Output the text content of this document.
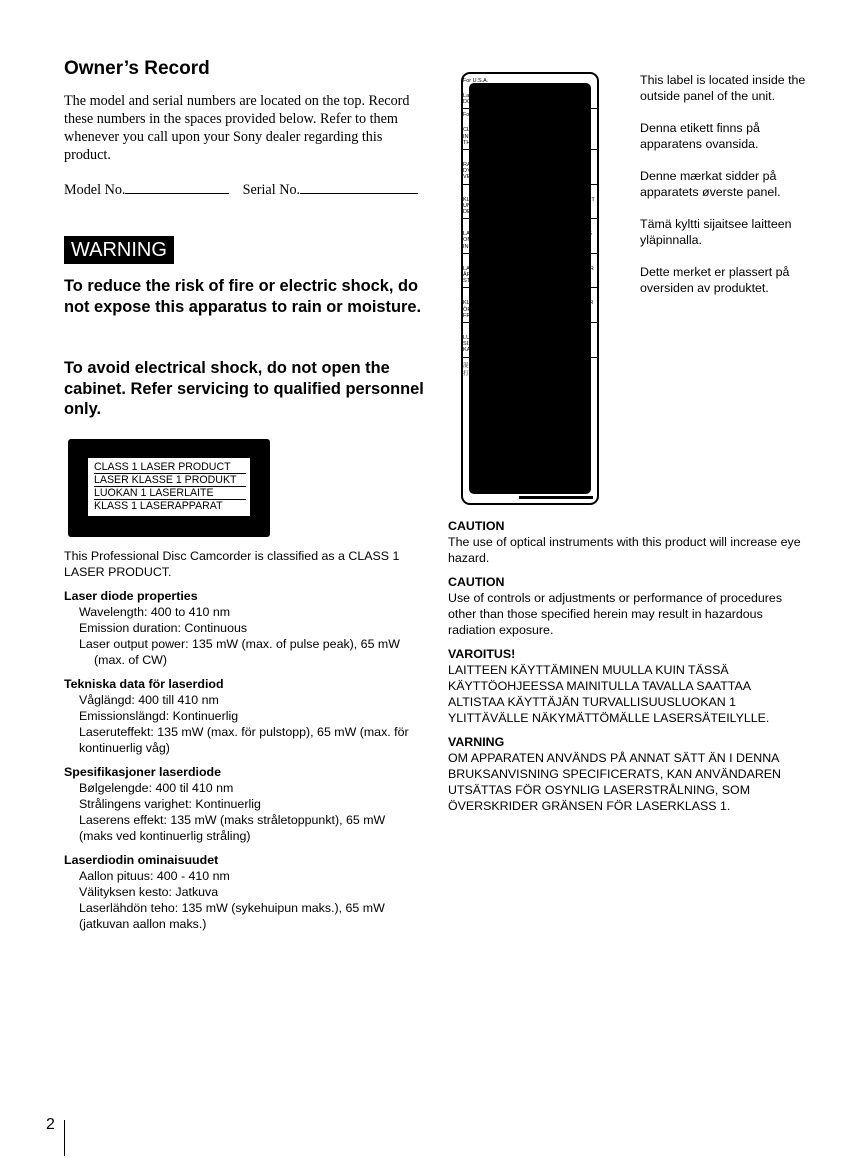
Owner’s Record
The model and serial numbers are located on the top. Record these numbers in the spaces provided below. Refer to them whenever you call upon your Sony dealer regarding this product.
Model No.	Serial No.
WARNING
To reduce the risk of fire or electric shock, do not expose this apparatus to rain or moisture.
To avoid electrical shock, do not open the cabinet. Refer servicing to qualified personnel only.
CLASS 1 LASER PRODUCT
LASER KLASSE 1 PRODUKT
LUOKAN 1 LASERLAITE
KLASS 1 LASERAPPARAT
This Professional Disc Camcorder is classified as a CLASS 1 LASER PRODUCT.
Laser diode properties
Wavelength: 400 to 410 nm
Emission duration: Continuous
Laser output power: 135 mW (max. of pulse peak), 65 mW
(max. of CW)
Tekniska data för laserdiod
Våglängd: 400 till 410 nm
Emissionslängd: Kontinuerlig
Laseruteffekt: 135 mW (max. för pulstopp), 65 mW (max. för
kontinuerlig våg)
Spesifikasjoner laserdiode
Bølgelengde: 400 til 410 nm
Strålingens varighet: Kontinuerlig
Laserens effekt: 135 mW (maks stråletoppunkt), 65 mW
(maks ved kontinuerlig stråling)
Laserdiodin ominaisuudet
Aallon pituus: 400 - 410 nm
Välityksen kesto: Jatkuva
Laserlähdön teho: 135 mW (sykehuipun maks.), 65 mW
(jatkuvan aallon maks.)
For U.S.A.
CAUTION
Laser radiation when open and interlock defeated. DO NOT STARE INTO BEAM.
For EUROPE
CAUTION
CLASS 2 LASER RADIATION WHEN OPEN AND INTERLOCKS DEFEATED. DO NOT STARE INTO THE BEAM.
ATTENTION
RADIATIONS LASER DE CLASSE 2 EN CAS D'OUVERTURE ET DE DESACTIVATION DES VERROUS. NE PAS REGARDER LE FAISCEAU.
VORSICHT
KLASSE 2-LASERSTRAHLUNG WENN GEÖFFNET UND SPERREN AUSSER FUNKTION. NICHT IN DEN STRAHL SEHEN.
ADVARSEL
LASERSTRÅLING AF KLASSE 2 VED ÅBNING OG OMGÅELSE AF LÅSEANORDNINGER. STIR IKKE IND I STRÅLEN.
ADVARSEL
LASERSTRÅLING I KLASSE 2 NÅR DEKSELET ER ÅPENT OG LÅSENE UTE AV FUNKSJON. IKKE STIRR INN I STRÅLEN.
VARNING
KLASS 2 LASERSTRÅLNING NÄR DENNA DEL ÄR ÖPPNAD OCH SPÄRRMEKANISMER ÄR FRIGJORDA. TITTA INTE IN I LASERSTRÅLEN.
VARO!
LUOKAN 2 LASERSÄTEILYÄ AVATTUNA JA SISÄISET LUKITUKSET POISTETTUINA. ÄLÄ KATSO SÄTEESEEN.
混合中國	注意
打开和装置联锁故障时有激光辐射 勿直视光束

This label is located inside the outside panel of the unit.

Denna etikett finns på apparatens ovansida.

Denne mærkat sidder på apparatets øverste panel.

Tämä kyltti sijaitsee laitteen yläpinnalla.

Dette merket er plassert på oversiden av produktet.

CAUTION
The use of optical instruments with this product will increase eye hazard.
CAUTION
Use of controls or adjustments or performance of procedures other than those specified herein may result in hazardous radiation exposure.
VAROITUS!
LAITTEEN KÄYTTÄMINEN MUULLA KUIN TÄSSÄ KÄYTTÖOHJEESSA MAINITULLA TAVALLA SAATTAA ALTISTAA KÄYTTÄJÄN TURVALLISUUSLUOKAN 1 YLITTÄVÄLLE NÄKYMÄTTÖMÄLLE LASERSÄTEILYLLE.
VARNING
OM APPARATEN ANVÄNDS PÅ ANNAT SÄTT ÄN I DENNA BRUKSANVISNING SPECIFICERATS, KAN ANVÄNDAREN UTSÄTTAS FÖR OSYNLIG LASERSTRÅLNING, SOM ÖVERSKRIDER GRÄNSEN FÖR LASERKLASS 1.
2
